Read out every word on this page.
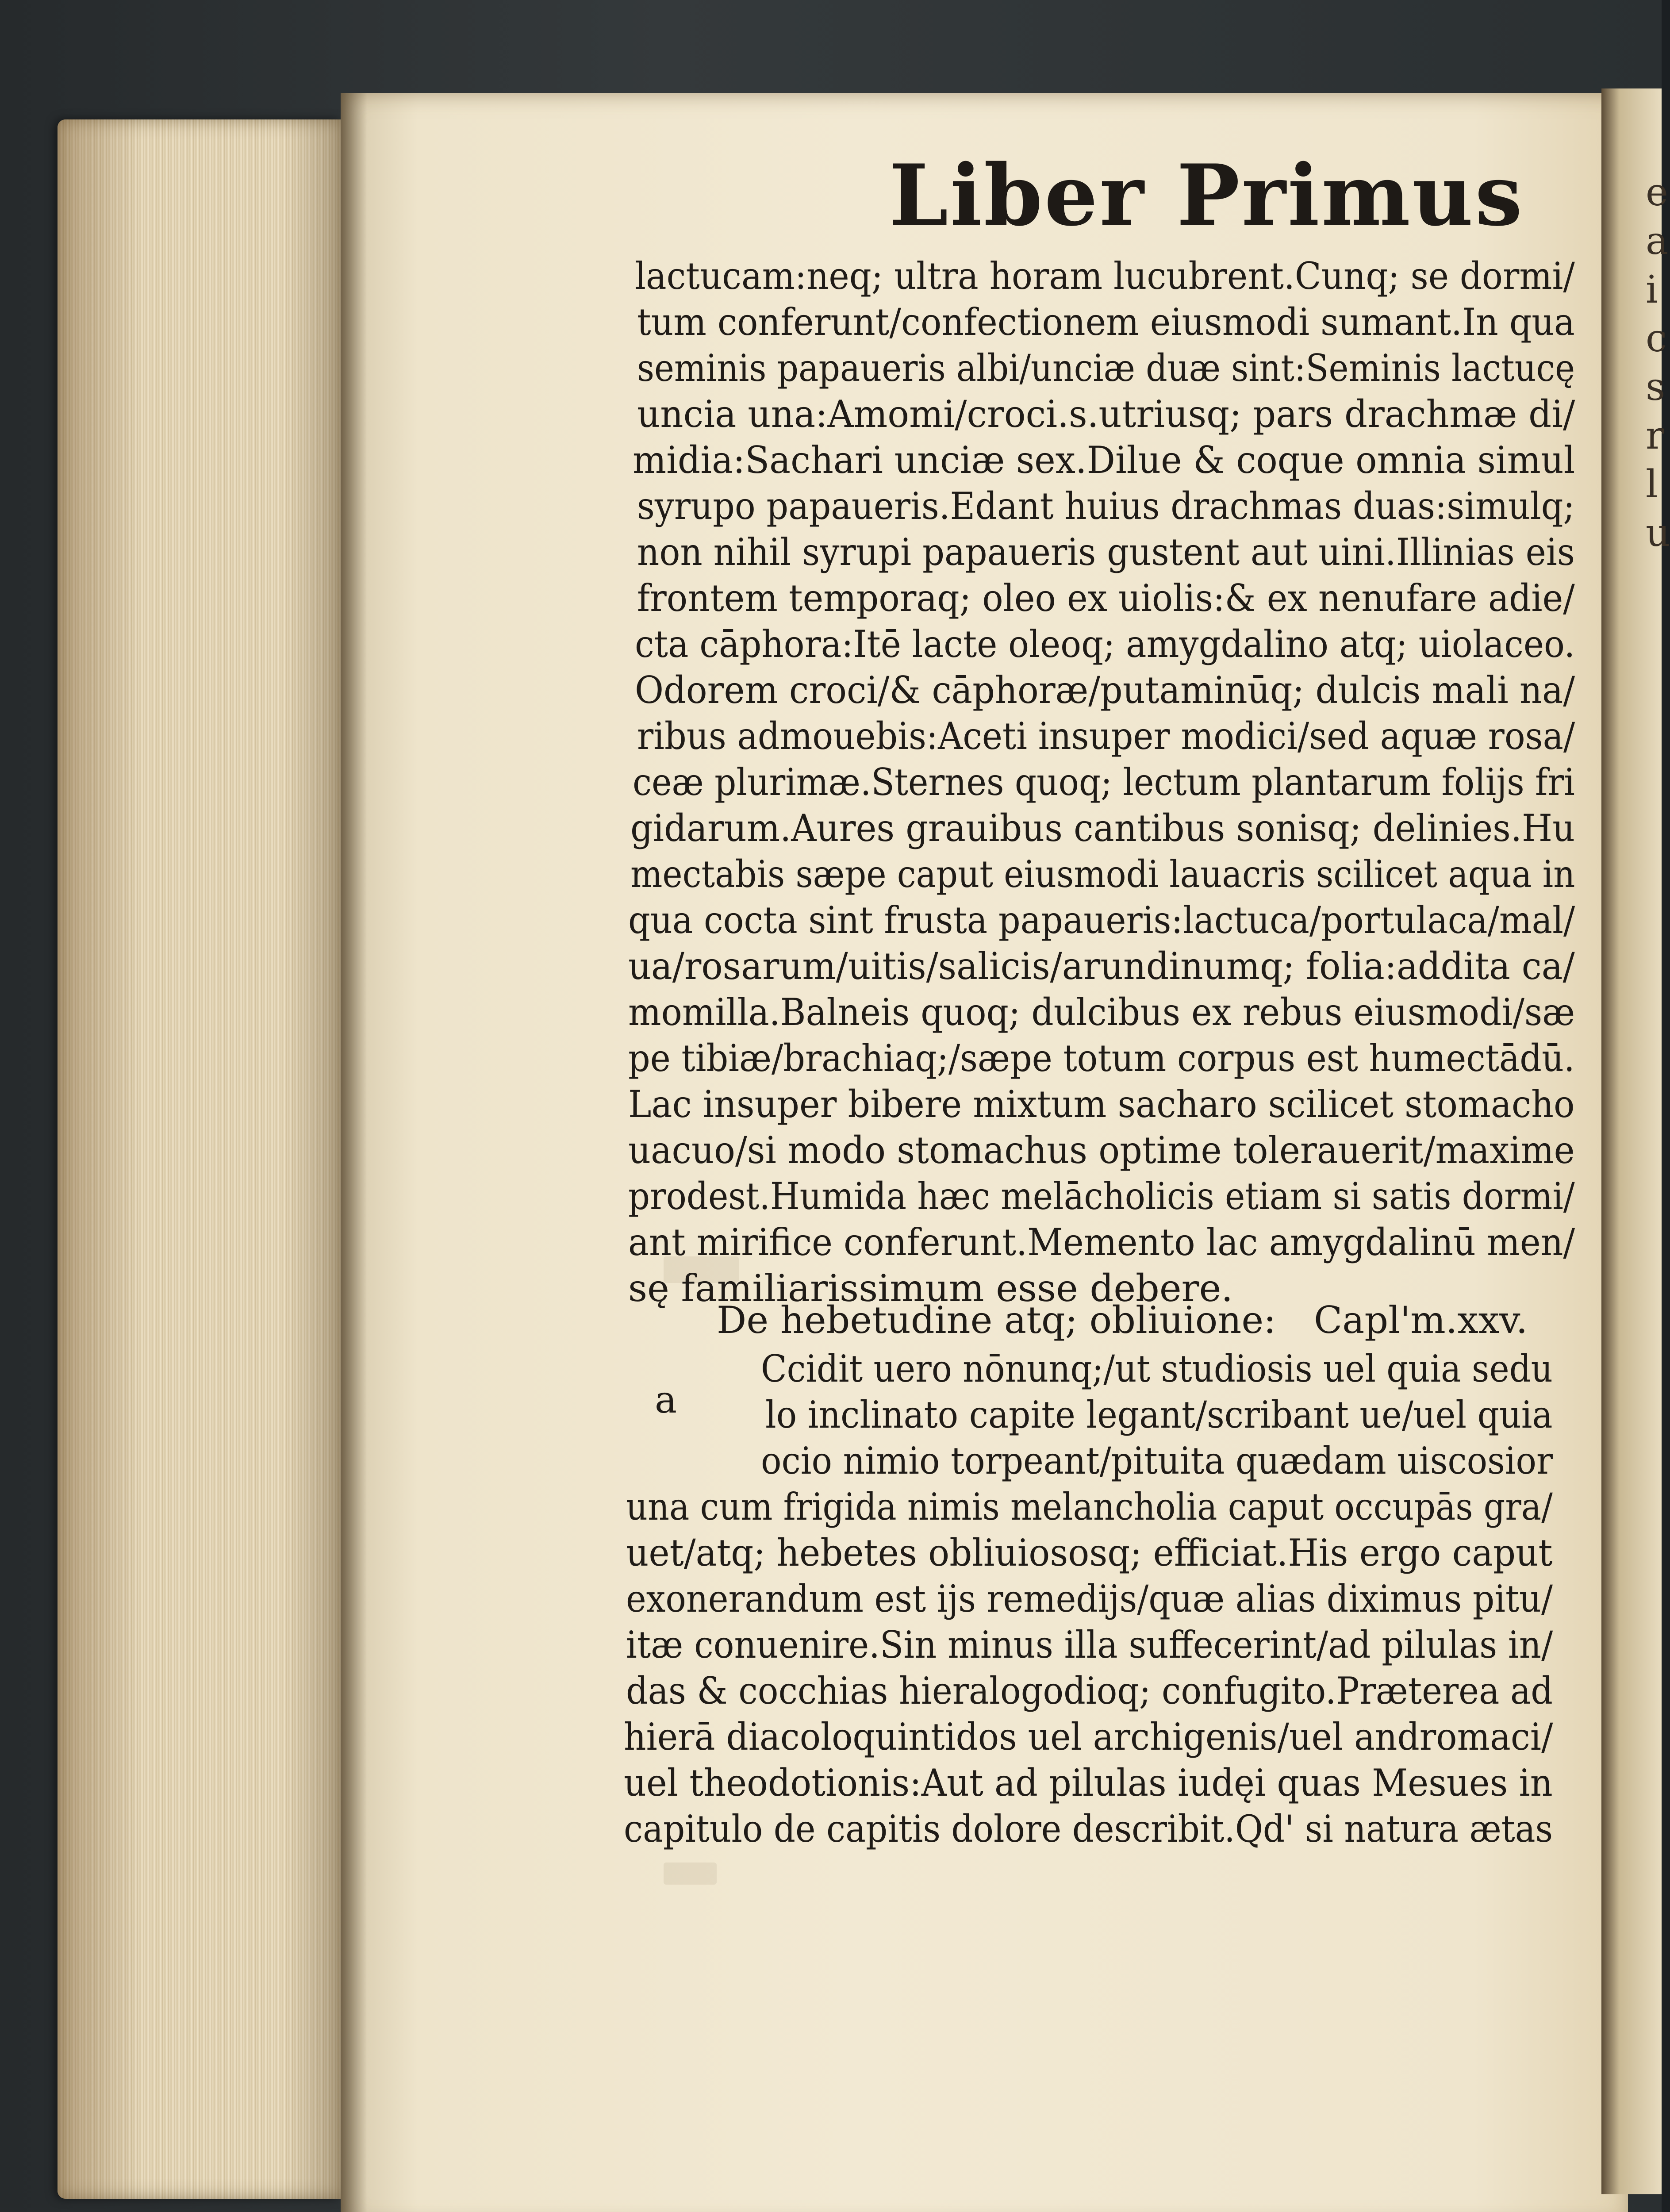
e
a
i
c
s
r
l
u
Liber Primus
lactucam:neq; ultra horam lucubrent.Cunq; se dormi/
tum conferunt/confectionem eiusmodi sumant.In qua
seminis papaueris albi/unciæ duæ sint:Seminis lactucę
uncia una:Amomi/croci.s.utriusq; pars drachmæ di/
midia:Sachari unciæ sex.Dilue & coque omnia simul
syrupo papaueris.Edant huius drachmas duas:simulq;
non nihil syrupi papaueris gustent aut uini.Illinias eis
frontem temporaq; oleo ex uiolis:& ex nenufare adie/
cta cāphora:Itē lacte oleoq; amygdalino atq; uiolaceo.
Odorem croci/& cāphoræ/putaminūq; dulcis mali na/
ribus admouebis:Aceti insuper modici/sed aquæ rosa/
ceæ plurimæ.Sternes quoq; lectum plantarum folijs fri
gidarum.Aures grauibus cantibus sonisq; delinies.Hu
mectabis sæpe caput eiusmodi lauacris scilicet aqua in
qua cocta sint frusta papaueris:lactuca/portulaca/mal/
ua/rosarum/uitis/salicis/arundinumq; folia:addita ca/
momilla.Balneis quoq; dulcibus ex rebus eiusmodi/sæ
pe tibiæ/brachiaq;/sæpe totum corpus est humectādū.
Lac insuper bibere mixtum sacharo scilicet stomacho
uacuo/si modo stomachus optime tolerauerit/maxime
prodest.Humida hæc melācholicis etiam si satis dormi/
ant mirifice conferunt.Memento lac amygdalinū men/
sę familiarissimum esse debere.
De hebetudine atq; obliuione: Capl'm.xxv.
a
Ccidit uero nōnunq;/ut studiosis uel quia sedu
lo inclinato capite legant/scribant ue/uel quia
ocio nimio torpeant/pituita quædam uiscosior
una cum frigida nimis melancholia caput occupās gra/
uet/atq; hebetes obliuiososq; efficiat.His ergo caput
exonerandum est ijs remedijs/quæ alias diximus pitu/
itæ conuenire.Sin minus illa suffecerint/ad pilulas in/
das & cocchias hieralogodioq; confugito.Præterea ad
hierā diacoloquintidos uel archigenis/uel andromaci/
uel theodotionis:Aut ad pilulas iudęi quas Mesues in
capitulo de capitis dolore describit.Qd' si natura ætas
